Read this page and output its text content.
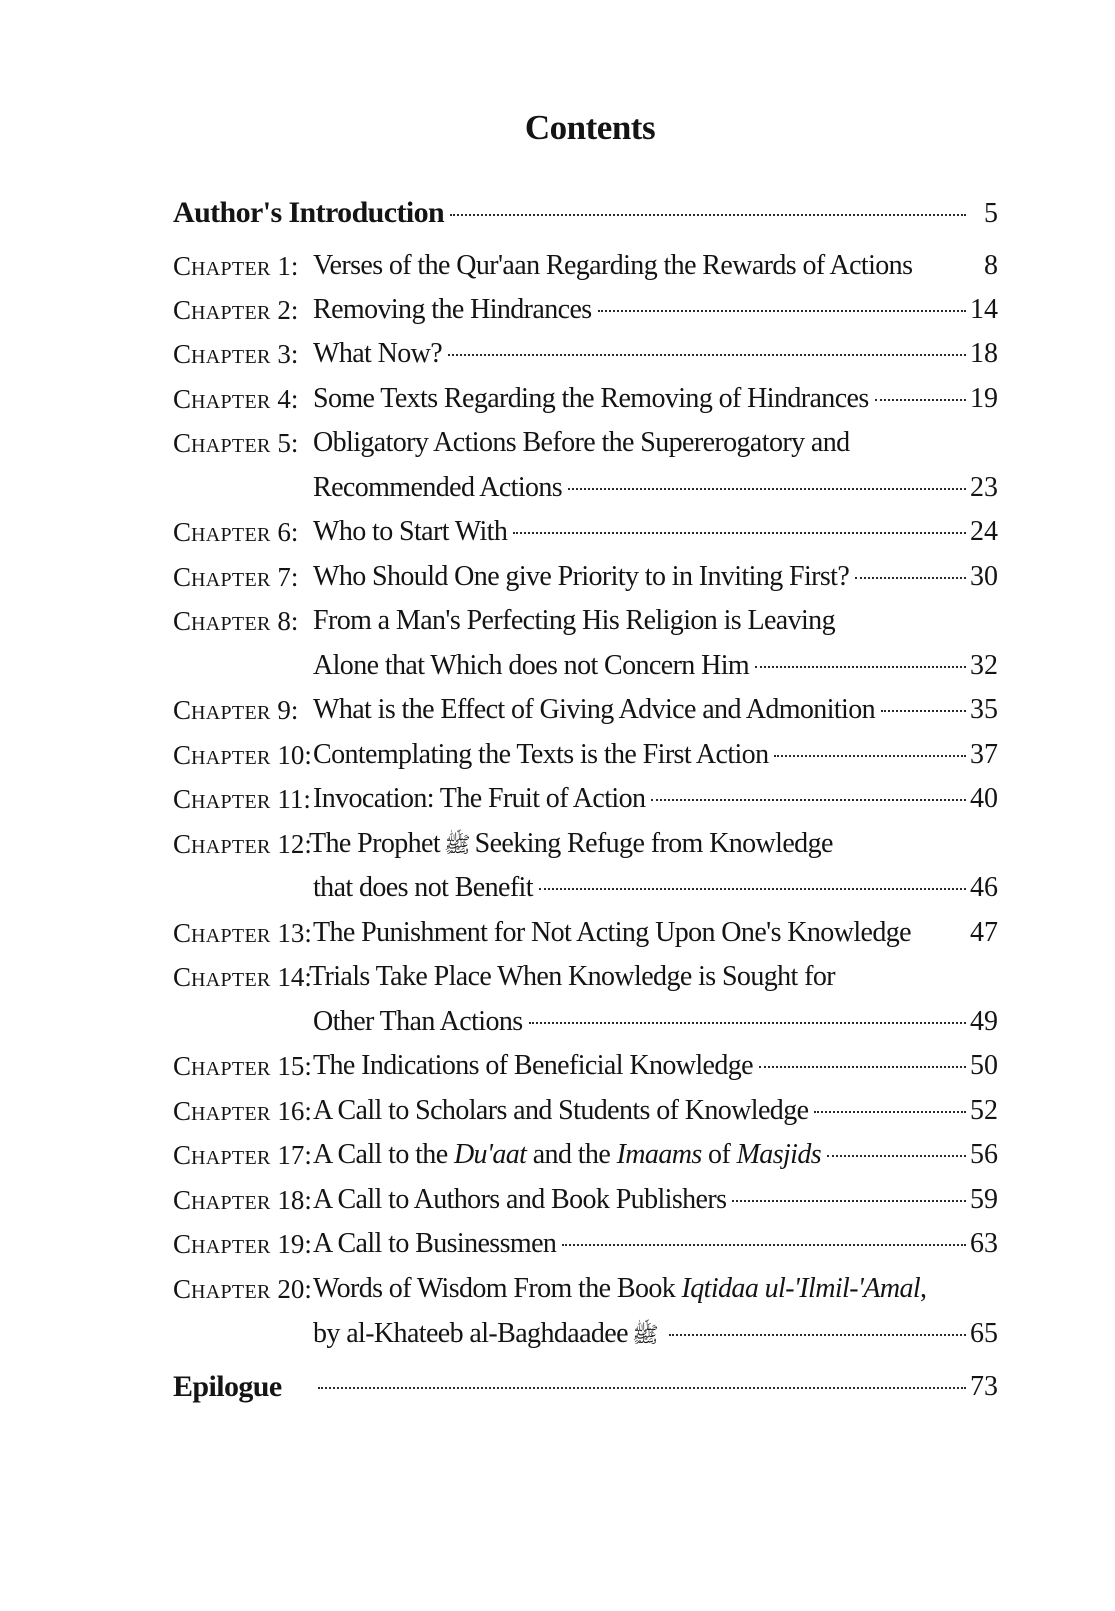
Contents
Author's Introduction	5
CHAPTER 1: Verses of the Qur'aan Regarding the Rewards of Actions	8
CHAPTER 2: Removing the Hindrances	14
CHAPTER 3: What Now?	18
CHAPTER 4: Some Texts Regarding the Removing of Hindrances	19
CHAPTER 5: Obligatory Actions Before the Supererogatory and
Recommended Actions	23
CHAPTER 6: Who to Start With	24
CHAPTER 7: Who Should One give Priority to in Inviting First?	30
CHAPTER 8: From a Man's Perfecting His Religion is Leaving
Alone that Which does not Concern Him	32
CHAPTER 9: What is the Effect of Giving Advice and Admonition	35
CHAPTER 10: Contemplating the Texts is the First Action	37
CHAPTER 11: Invocation: The Fruit of Action	40
CHAPTER 12:
The Prophet ﷺ Seeking Refuge from Knowledge
that does not Benefit	46
CHAPTER 13: The Punishment for Not Acting Upon One's Knowledge 47
CHAPTER 14:
Trials Take Place When Knowledge is Sought for
Other Than Actions	49
CHAPTER 15: The Indications of Beneficial Knowledge	50
CHAPTER 16: A Call to Scholars and Students of Knowledge	52
CHAPTER 17: A Call to the Du'aat and the Imaams of Masjids	56
CHAPTER 18: A Call to Authors and Book Publishers	59
CHAPTER 19: A Call to Businessmen	63
CHAPTER 20: Words of Wisdom From the Book Iqtidaa ul-'Ilmil-'Amal,
by al-Khateeb al-Baghdaadee ﷺ	65
Epilogue	73
